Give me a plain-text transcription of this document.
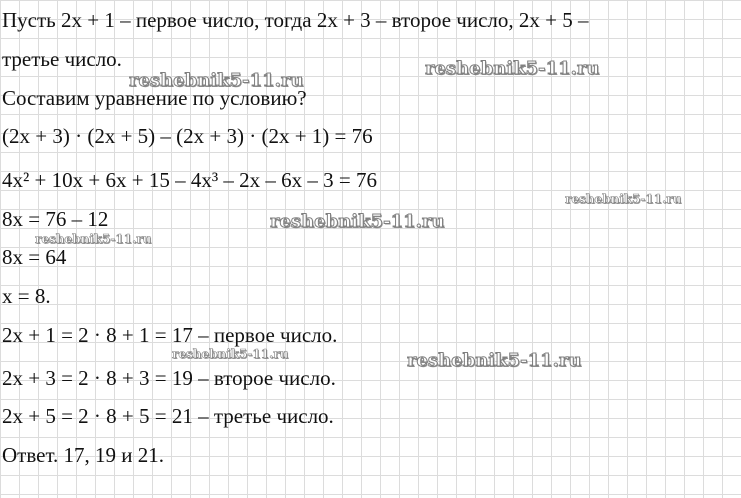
Пусть 2x + 1 – первое число, тогда 2x + 3 – второе число, 2x + 5 –
третье число.
Составим уравнение по условию?
(2x + 3) · (2x + 5) – (2x + 3) · (2x + 1) = 76
4x² + 10x + 6x + 15 – 4x³ – 2x – 6x – 3 = 76
8x = 76 – 12
8x = 64
x = 8.
2x + 1 = 2 · 8 + 1 = 17 – первое число.
2x + 3 = 2 · 8 + 3 = 19 – второе число.
2x + 5 = 2 · 8 + 5 = 21 – третье число.
Ответ. 17, 19 и 21.
reshebnik5-11.ru
reshebnik5-11.ru
reshebnik5-11.ru
reshebnik5-11.ru
reshebnik5-11.ru
reshebnik5-11.ru	reshebnik5-11.ru
